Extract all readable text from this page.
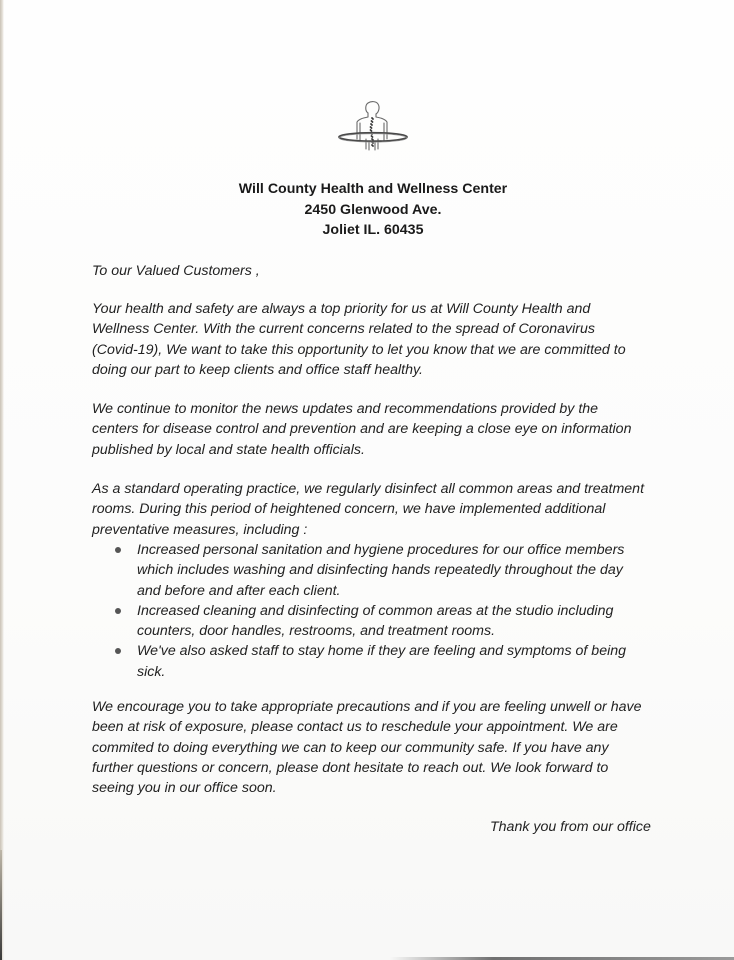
Will County Health and Wellness Center
2450 Glenwood Ave.
Joliet IL. 60435
To our Valued Customers ,
Your health and safety are always a top priority for us at Will County Health and
Wellness Center. With the current concerns related to the spread of Coronavirus
(Covid-19), We want to take this opportunity to let you know that we are committed to
doing our part to keep clients and office staff healthy.
We continue to monitor the news updates and recommendations provided by the
centers for disease control and prevention and are keeping a close eye on information
published by local and state health officials.
As a standard operating practice, we regularly disinfect all common areas and treatment
rooms. During this period of heightened concern, we have implemented additional
preventative measures, including :
Increased personal sanitation and hygiene procedures for our office members
which includes washing and disinfecting hands repeatedly throughout the day
and before and after each client.
Increased cleaning and disinfecting of common areas at the studio including
counters, door handles, restrooms, and treatment rooms.
We've also asked staff to stay home if they are feeling and symptoms of being
sick.
We encourage you to take appropriate precautions and if you are feeling unwell or have
been at risk of exposure, please contact us to reschedule your appointment. We are
commited to doing everything we can to keep our community safe. If you have any
further questions or concern, please dont hesitate to reach out. We look forward to
seeing you in our office soon.
Thank you from our office
